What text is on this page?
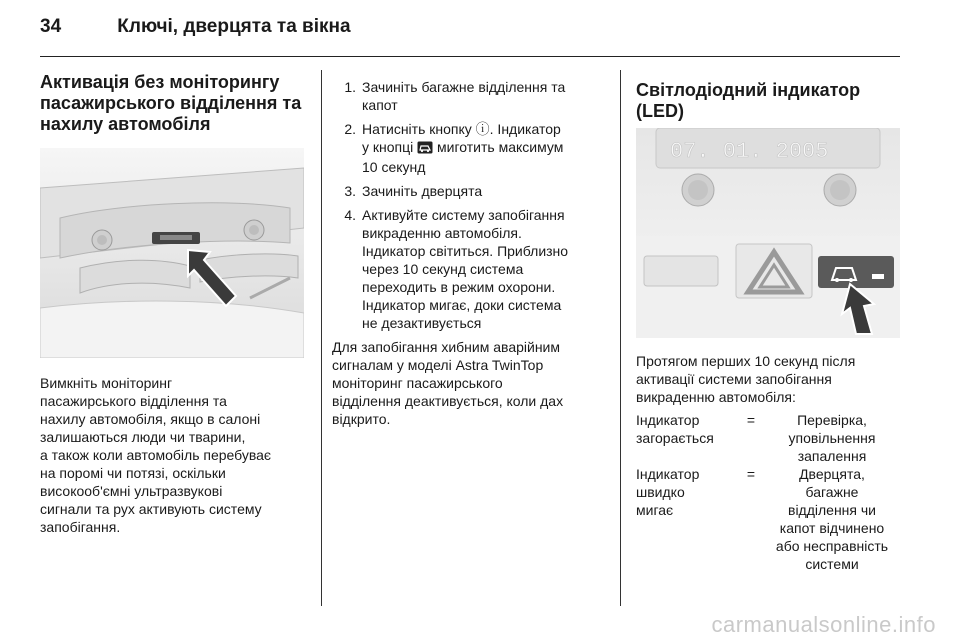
34	Ключі, дверцята та вікна
Активація без моніторингу
пасажирського відділення та
нахилу автомобіля
Вимкніть моніторинг
пасажирського відділення та
нахилу автомобіля, якщо в салоні
залишаються люди чи тварини,
а також коли автомобіль перебуває
на поромі чи потязі, оскільки
високооб'ємні ультразвукові
сигнали та рух активують систему
запобігання.
1. Зачиніть багажне відділення та
капот
2. Натисніть кнопку ⓘ. Індикатор
у кнопці  миготить максимум
10 секунд
3. Зачиніть дверцята
4. Активуйте систему запобігання
викраденню автомобіля.
Індикатор світиться. Приблизно
через 10 секунд система
переходить в режим охорони.
Індикатор мигає, доки система
не дезактивується
Для запобігання хибним аварійним
сигналам у моделі Astra TwinTop
моніторинг пасажирського
відділення деактивується, коли дах
відкрито.
Світлодіодний індикатор
(LED)
07. 01. 2005
Протягом перших 10 секунд після
активації системи запобігання
викраденню автомобіля:
Індикатор
загорається
=	Перевірка,
уповільнення
запалення
Індикатор
швидко
мигає
=	Дверцята,
багажне
відділення чи
капот відчинено
або несправність
системи
carmanualsonline.info
